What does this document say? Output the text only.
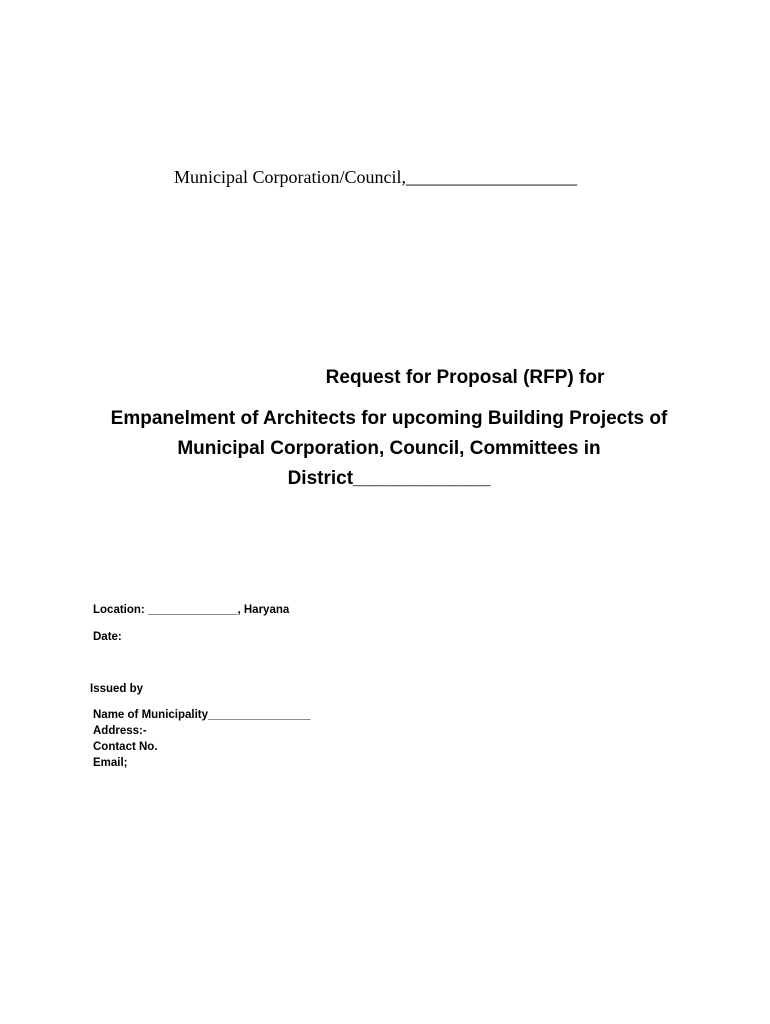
Municipal Corporation/Council,___________________
Request for Proposal (RFP) for
Empanelment of Architects for upcoming Building Projects of
Municipal Corporation, Council, Committees in
District_____________
Location: ______________, Haryana
Date:
Issued by
Name of Municipality________________
Address:-
Contact No.
Email;
